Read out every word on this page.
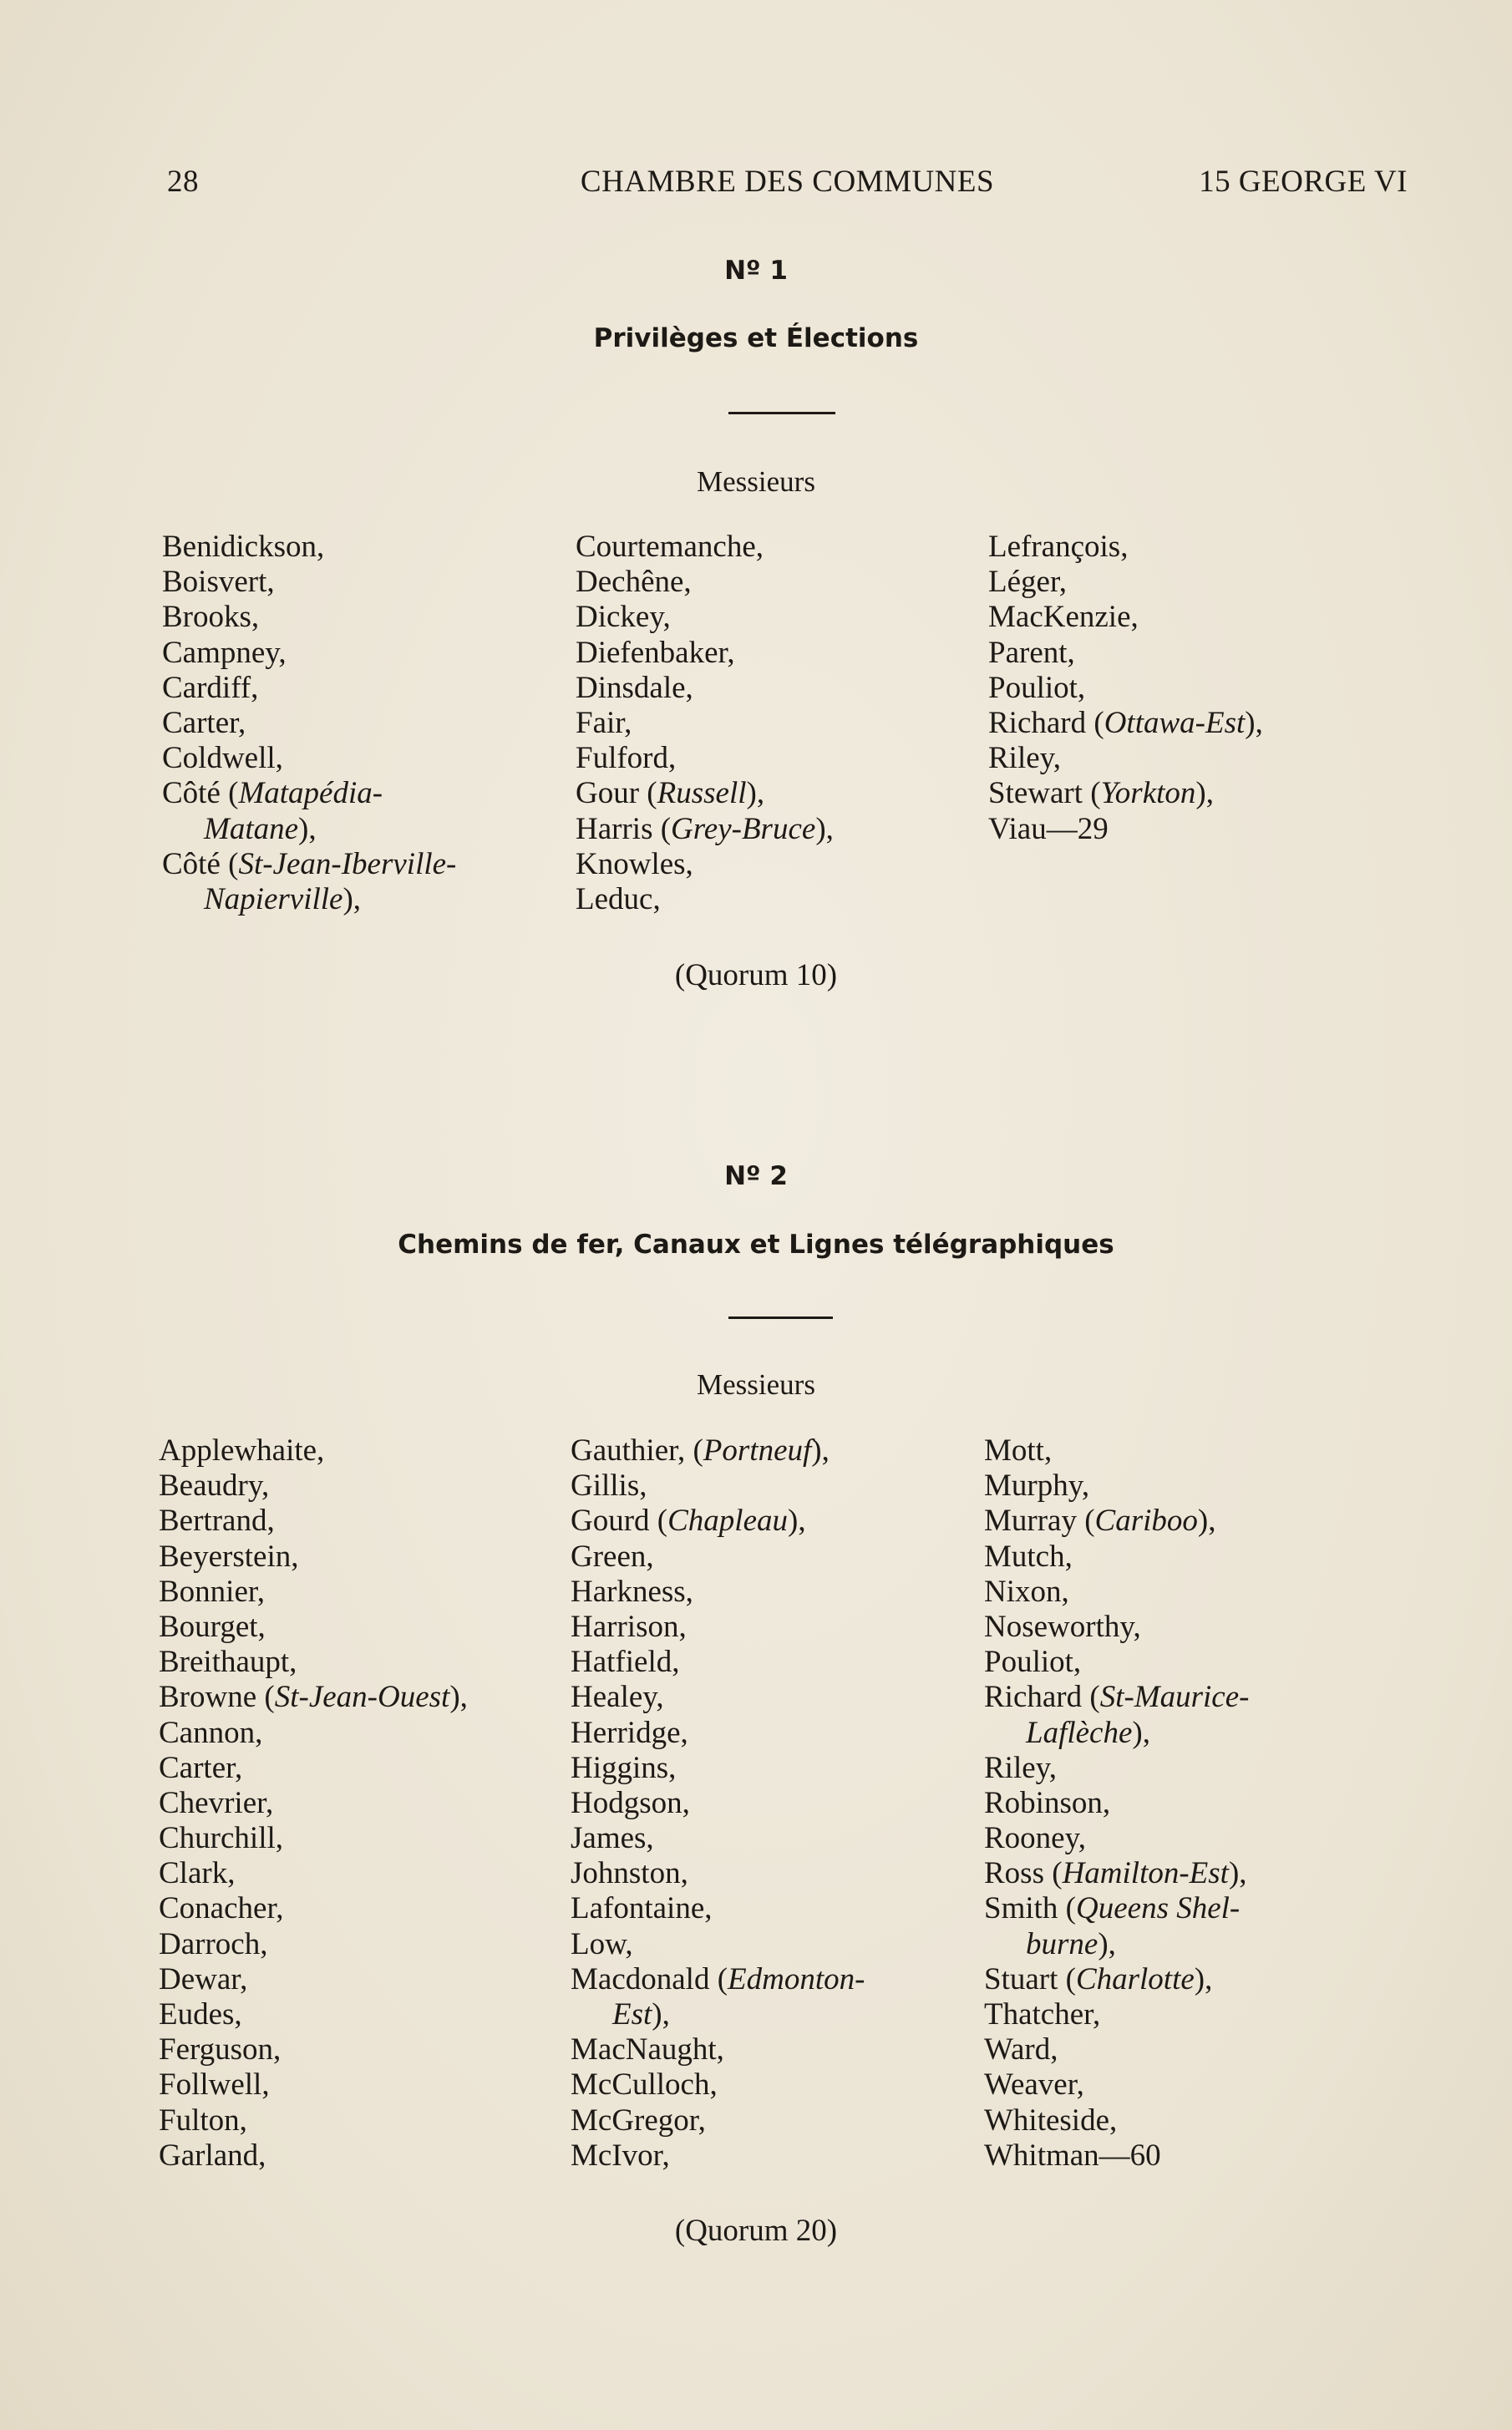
28	CHAMBRE DES COMMUNES	15 GEORGE VI
Nº 1
Privilèges et Élections
Messieurs
Benidickson,
Boisvert,
Brooks,
Campney,
Cardiff,
Carter,
Coldwell,
Côté (Matapédia-
Matane),
Côté (St-Jean-Iberville-
Napierville),
Courtemanche,
Dechêne,
Dickey,
Diefenbaker,
Dinsdale,
Fair,
Fulford,
Gour (Russell),
Harris (Grey-Bruce),
Knowles,
Leduc,
Lefrançois,
Léger,
MacKenzie,
Parent,
Pouliot,
Richard (Ottawa-Est),
Riley,
Stewart (Yorkton),
Viau—29
(Quorum 10)
Nº 2
Chemins de fer, Canaux et Lignes télégraphiques
Messieurs
Applewhaite,
Beaudry,
Bertrand,
Beyerstein,
Bonnier,
Bourget,
Breithaupt,
Browne (St-Jean-Ouest),
Cannon,
Carter,
Chevrier,
Churchill,
Clark,
Conacher,
Darroch,
Dewar,
Eudes,
Ferguson,
Follwell,
Fulton,
Garland,
Gauthier, (Portneuf),
Gillis,
Gourd (Chapleau),
Green,
Harkness,
Harrison,
Hatfield,
Healey,
Herridge,
Higgins,
Hodgson,
James,
Johnston,
Lafontaine,
Low,
Macdonald (Edmonton-
Est),
MacNaught,
McCulloch,
McGregor,
McIvor,
Mott,
Murphy,
Murray (Cariboo),
Mutch,
Nixon,
Noseworthy,
Pouliot,
Richard (St-Maurice-
Laflèche),
Riley,
Robinson,
Rooney,
Ross (Hamilton-Est),
Smith (Queens Shel-
burne),
Stuart (Charlotte),
Thatcher,
Ward,
Weaver,
Whiteside,
Whitman—60
(Quorum 20)
